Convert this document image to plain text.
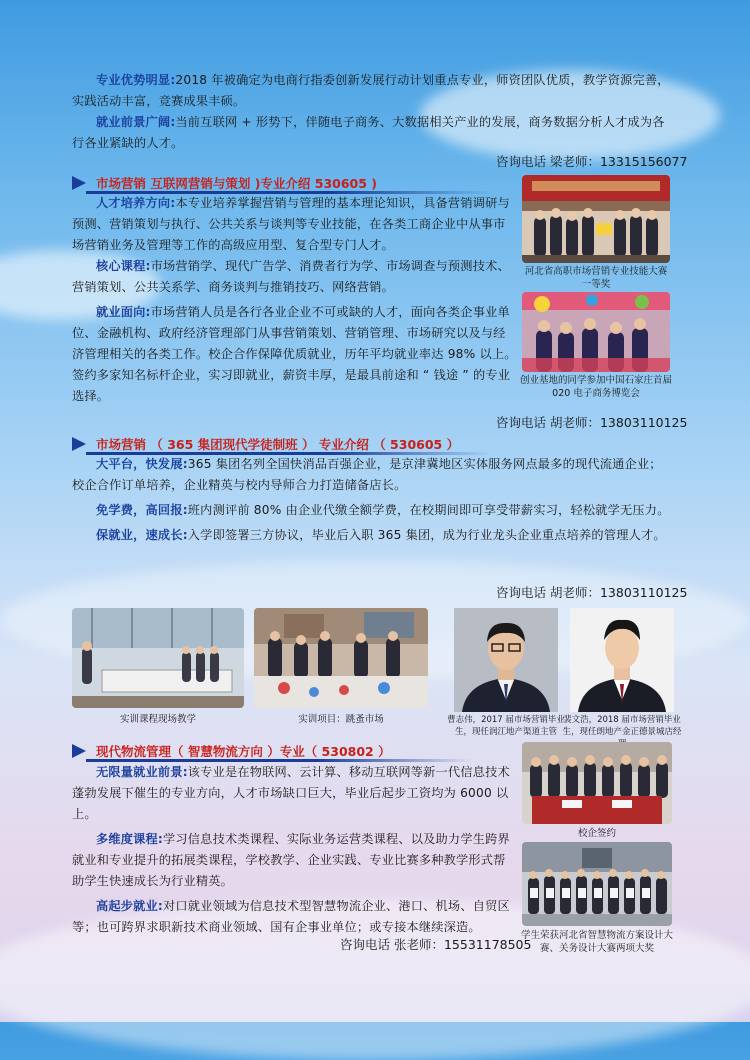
专业优势明显:2018 年被确定为电商行指委创新发展行动计划重点专业，师资团队优质，教学资源完善，实践活动丰富，竞赛成果丰硕。

就业前景广阔:当前互联网 + 形势下，伴随电子商务、大数据相关产业的发展，商务数据分析人才成为各行各业紧缺的人才。

咨询电话 梁老师：13315156077
市场营销 互联网营销与策划 )专业介绍 530605 )

人才培养方向:本专业培养掌握营销与管理的基本理论知识，具备营销调研与预测、营销策划与执行、公共关系与谈判等专业技能，在各类工商企业中从事市场营销业务及管理等工作的高级应用型、复合型专门人才。

核心课程:市场营销学、现代广告学、消费者行为学、市场调查与预测技术、营销策划、公共关系学、商务谈判与推销技巧、网络营销。

就业面向:市场营销人员是各行各业企业不可或缺的人才，面向各类企事业单位、金融机构、政府经济管理部门从事营销策划、营销管理、市场研究以及与经济管理相关的各类工作。校企合作保障优质就业，历年平均就业率达 98% 以上。签约多家知名标杆企业，实习即就业，薪资丰厚，是最具前途和 “ 钱途 ” 的专业选择。

河北省高职市场营销专业技能大赛一等奖
创业基地的同学参加中国石家庄首届 020 电子商务博览会
咨询电话 胡老师：13803110125
市场营销 （ 365 集团现代学徒制班 ） 专业介绍 （ 530605 ）

大平台，快发展:365 集团名列全国快消品百强企业，是京津冀地区实体服务网点最多的现代流通企业；校企合作订单培养，企业精英与校内导师合力打造储备店长。

免学费，高回报:班内测评前 80% 由企业代缴全额学费，在校期间即可享受带薪实习，轻松就学无压力。

保就业，速成长:入学即签署三方协议，毕业后入职 365 集团，成为行业龙头企业重点培养的管理人才。

咨询电话 胡老师：13803110125
实训课程现场教学	实训项目：跳蚤市场	曹志伟，2017 届市场营销毕业生，现任润江地产渠道主管
裴文浩，2018 届市场营销毕业生，现任朗地产金正德景城店经
现代物流管理（ 智慧物流方向 ）专业（ 530802 ）

无限量就业前景:该专业是在物联网、云计算、移动互联网等新一代信息技术蓬勃发展下催生的专业方向，人才市场缺口巨大，毕业后起步工资均为 6000 以上。

多维度课程:学习信息技术类课程、实际业务运营类课程、以及助力学生跨界就业和专业提升的拓展类课程，学校教学、企业实践、专业比赛多种教学形式帮助学生快速成长为行业精英。

高起步就业:对口就业领域为信息技术型智慧物流企业、港口、机场、自贸区等；也可跨界求职新技术商业领域、国有企事业单位；或专接本继续深造。

咨询电话 张老师：15531178505
校企签约
学生荣获河北省智慧物流方案设计大赛、关务设计大赛两项大奖
